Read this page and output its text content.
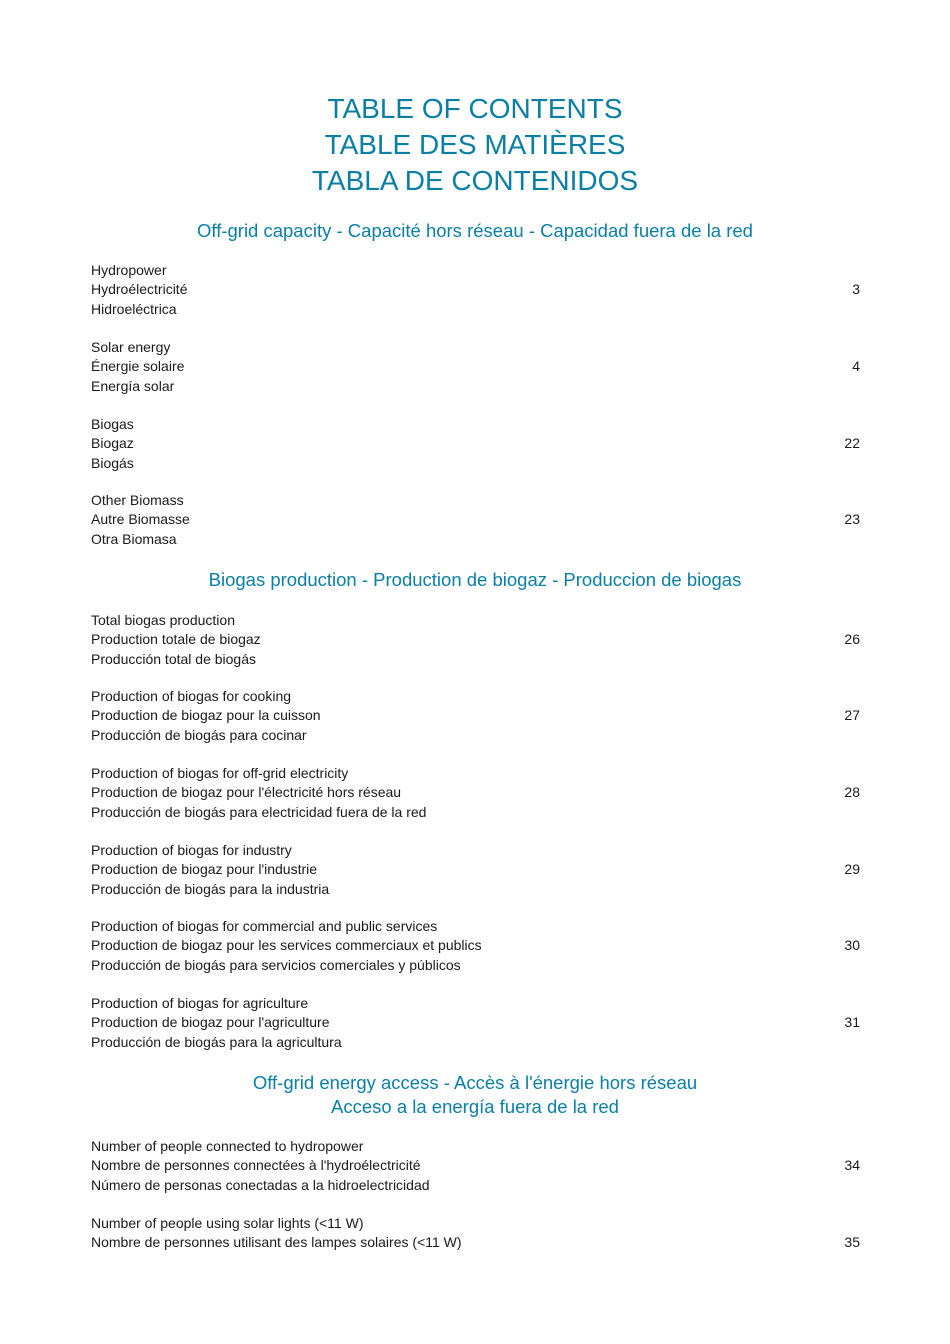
TABLE OF CONTENTS
TABLE DES MATIÈRES
TABLA DE CONTENIDOS
Off-grid capacity - Capacité hors réseau - Capacidad fuera de la red
Hydropower
Hydroélectricité
Hidroeléctrica
3
Solar energy
Énergie solaire
Energía solar
4
Biogas
Biogaz
Biogás
22
Other Biomass
Autre Biomasse
Otra Biomasa
23
Biogas production - Production de biogaz - Produccion de biogas
Total biogas production
Production totale de biogaz
Producción total de biogás
26
Production of biogas for cooking
Production de biogaz pour la cuisson
Producción de biogás para cocinar
27
Production of biogas for off-grid electricity
Production de biogaz pour l'électricité hors réseau
Producción de biogás para electricidad fuera de la red
28
Production of biogas for industry
Production de biogaz pour l'industrie
Producción de biogás para la industria
29
Production of biogas for commercial and public services
Production de biogaz pour les services commerciaux et publics
Producción de biogás para servicios comerciales y públicos
30
Production of biogas for agriculture
Production de biogaz pour l'agriculture
Producción de biogás para la agricultura
31
Off-grid energy access - Accès à l'énergie hors réseau
Acceso a la energía fuera de la red
Number of people connected to hydropower
Nombre de personnes connectées à l'hydroélectricité
Número de personas conectadas a la hidroelectricidad
34
Number of people using solar lights (<11 W)
Nombre de personnes utilisant des lampes solaires (<11 W)	35
